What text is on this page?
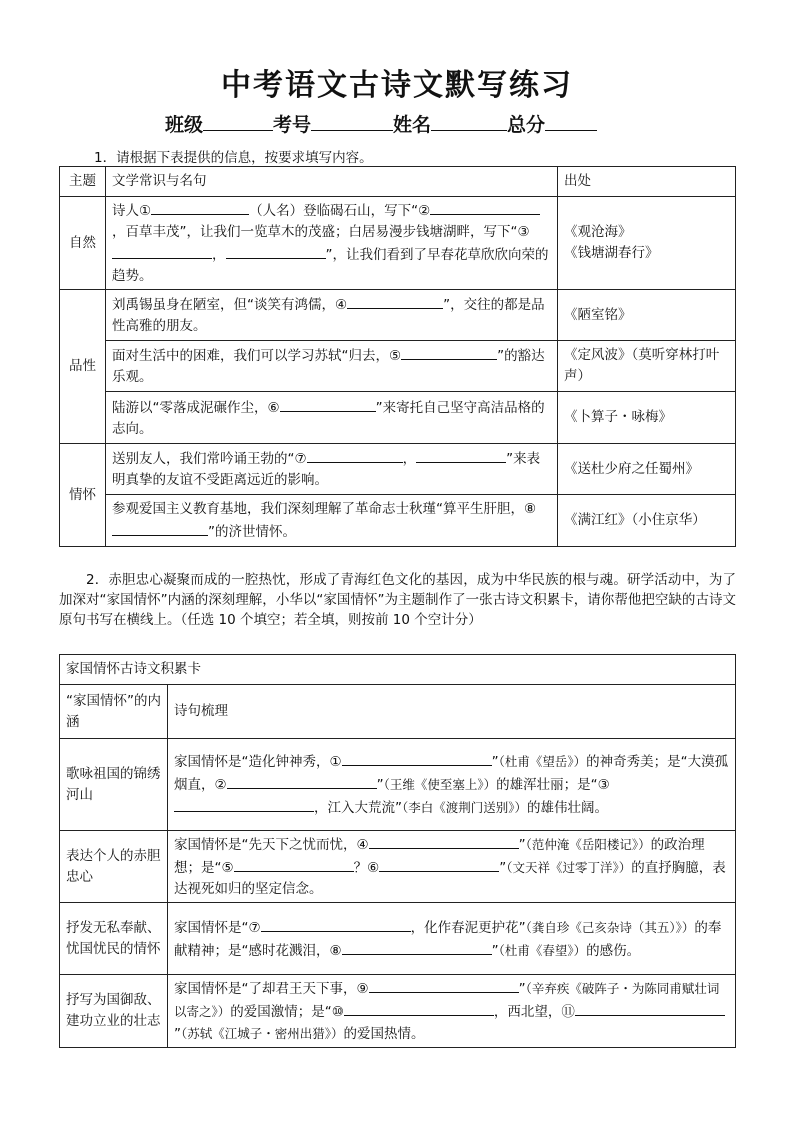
中考语文古诗文默写练习
班级	考号	姓名	总分
1．请根据下表提供的信息，按要求填写内容。
主题	文学常识与名句	出处
自然	诗人① （人名）登临碣石山，写下“②，百草丰茂”，让我们一览草木的茂盛；白居易漫步钱塘湖畔，写下“③， ”，让我们看到了早春花草欣欣向荣的趋势。	《观沧海》
《钱塘湖春行》

品性	刘禹锡虽身在陋室，但“谈笑有鸿儒，④ ”，交往的都是品性高雅的朋友。	《陋室铭》
	面对生活中的困难，我们可以学习苏轼“归去，⑤ ”的豁达乐观。	《定风波》（莫听穿林打叶声）
	陆游以“零落成泥碾作尘，⑥ ”来寄托自己坚守高洁品格的志向。	《卜算子・咏梅》
情怀	送别友人，我们常吟诵王勃的“⑦ ， ”来表明真挚的友谊不受距离远近的影响。	《送杜少府之任蜀州》
	参观爱国主义教育基地，我们深刻理解了革命志士秋瑾“算平生肝胆，⑧”的济世情怀。	《满江红》（小住京华）
2．赤胆忠心凝聚而成的一腔热忱，形成了青海红色文化的基因，成为中华民族的根与魂。研学活动中，为了加深对“家国情怀”内涵的深刻理解，小华以“家国情怀”为主题制作了一张古诗文积累卡，请你帮他把空缺的古诗文原句书写在横线上。（任选 10 个填空；若全填，则按前 10 个空计分）
家国情怀古诗文积累卡	
“家国情怀”的内涵	诗句梳理
歌咏祖国的锦绣河山	家国情怀是“造化钟神秀，① ”（杜甫《望岳》）的神奇秀美；是“大漠孤烟直，② ”（王维《使至塞上》）的雄浑壮丽；是“③，江入大荒流”（李白《渡荆门送别》）的雄伟壮阔。
表达个人的赤胆忠心	家国情怀是“先天下之忧而忧，④ ”（范仲淹《岳阳楼记》）的政治理想；是“⑤ ？⑥ ”（文天祥《过零丁洋》）的直抒胸臆，表达视死如归的坚定信念。
抒发无私奉献、忧国忧民的情怀	家国情怀是“⑦ ，化作春泥更护花”（龚自珍《己亥杂诗（其五）》）的奉献精神；是“感时花溅泪，⑧ ”（杜甫《春望》）的感伤。
抒写为国御敌、建功立业的壮志	家国情怀是“了却君王天下事，⑨ ”（辛弃疾《破阵子・为陈同甫赋壮词以寄之》）的爱国激情；是“⑩ ，西北望，⑪”（苏轼《江城子・密州出猎》）的爱国热情。
